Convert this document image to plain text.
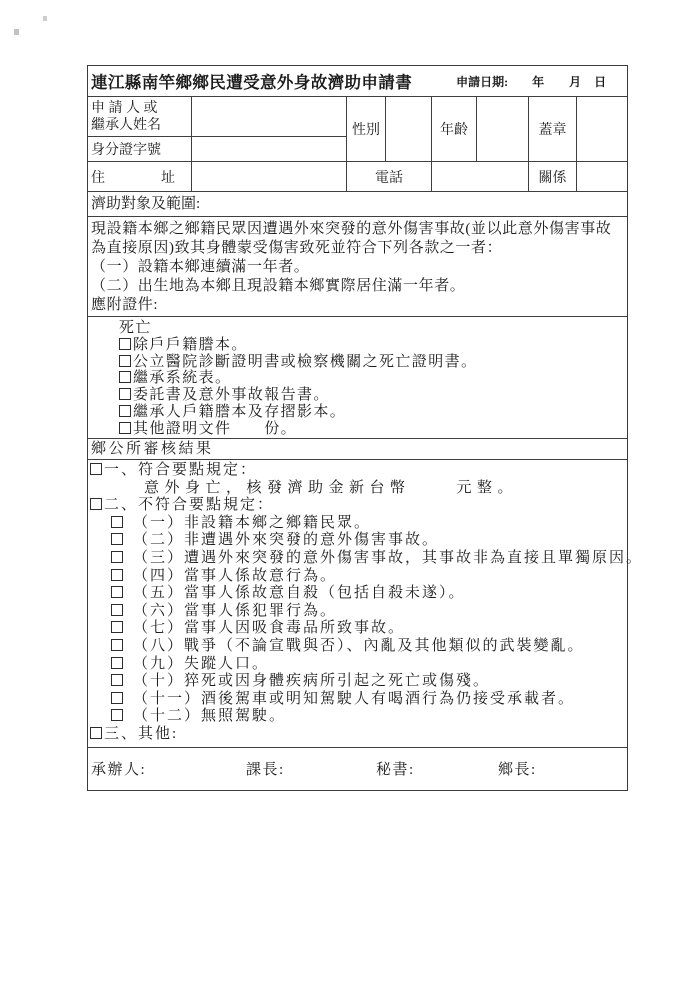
連江縣南竿鄉鄉民遭受意外身故濟助申請書	申請日期: 年 月 日
申 請 人 或
繼承人姓名
身分證字號
性別	年齡	蓋章
住　　　　址	電話	關係
濟助對象及範圍:
現設籍本鄉之鄉籍民眾因遭遇外來突發的意外傷害事故(並以此意外傷害事故
為直接原因)致其身體蒙受傷害致死並符合下列各款之一者：
（一）設籍本鄉連續滿一年者。
（二）出生地為本鄉且現設籍本鄉實際居住滿一年者。
應附證件:
死亡
除戶戶籍謄本。
公立醫院診斷證明書或檢察機關之死亡證明書。
繼承系統表。
委託書及意外事故報告書。
繼承人戶籍謄本及存摺影本。
其他證明文件　　份。
鄉公所審核結果
一、符合要點規定：
意外身亡，核發濟助金新台幣	元整。
二、不符合要點規定：
（一）非設籍本鄉之鄉籍民眾。
（二）非遭遇外來突發的意外傷害事故。
（三）遭遇外來突發的意外傷害事故，其事故非為直接且單獨原因。
（四）當事人係故意行為。
（五）當事人係故意自殺（包括自殺未遂）。
（六）當事人係犯罪行為。
（七）當事人因吸食毒品所致事故。
（八）戰爭（不論宣戰與否）、內亂及其他類似的武裝變亂。
（九）失蹤人口。
（十）猝死或因身體疾病所引起之死亡或傷殘。
（十一）酒後駕車或明知駕駛人有喝酒行為仍接受承載者。
（十二）無照駕駛。
三、其他:
承辦人:	課長:	秘書:	鄉長:
